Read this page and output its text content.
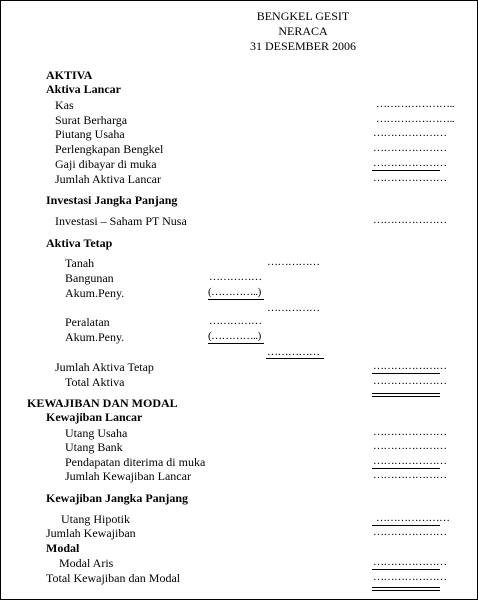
BENGKEL GESIT
NERACA
31 DESEMBER 2006
AKTIVA
Aktiva Lancar
Kas	…………………..
Surat Berharga	…………………..
Piutang Usaha	…………………
Perlengkapan Bengkel	…………………
Gaji dibayar di muka	…………………
Jumlah Aktiva Lancar	…………………
Investasi Jangka Panjang
Investasi – Saham PT Nusa	…………………
Aktiva Tetap
Tanah	……………
Bangunan	……………
Akum.Peny.	(…………..)
……………
Peralatan	……………
Akum.Peny.	(…………..)
……………
Jumlah Aktiva Tetap	…………………
Total Aktiva	…………………
KEWAJIBAN DAN MODAL
Kewajiban Lancar
Utang Usaha	…………………
Utang Bank	…………………
Pendapatan diterima di muka	…………………
Jumlah Kewajiban Lancar	…………………
Kewajiban Jangka Panjang
Utang Hipotik	…………………
Jumlah Kewajiban	…………………
Modal
Modal Aris	…………………
Total Kewajiban dan Modal	…………………
